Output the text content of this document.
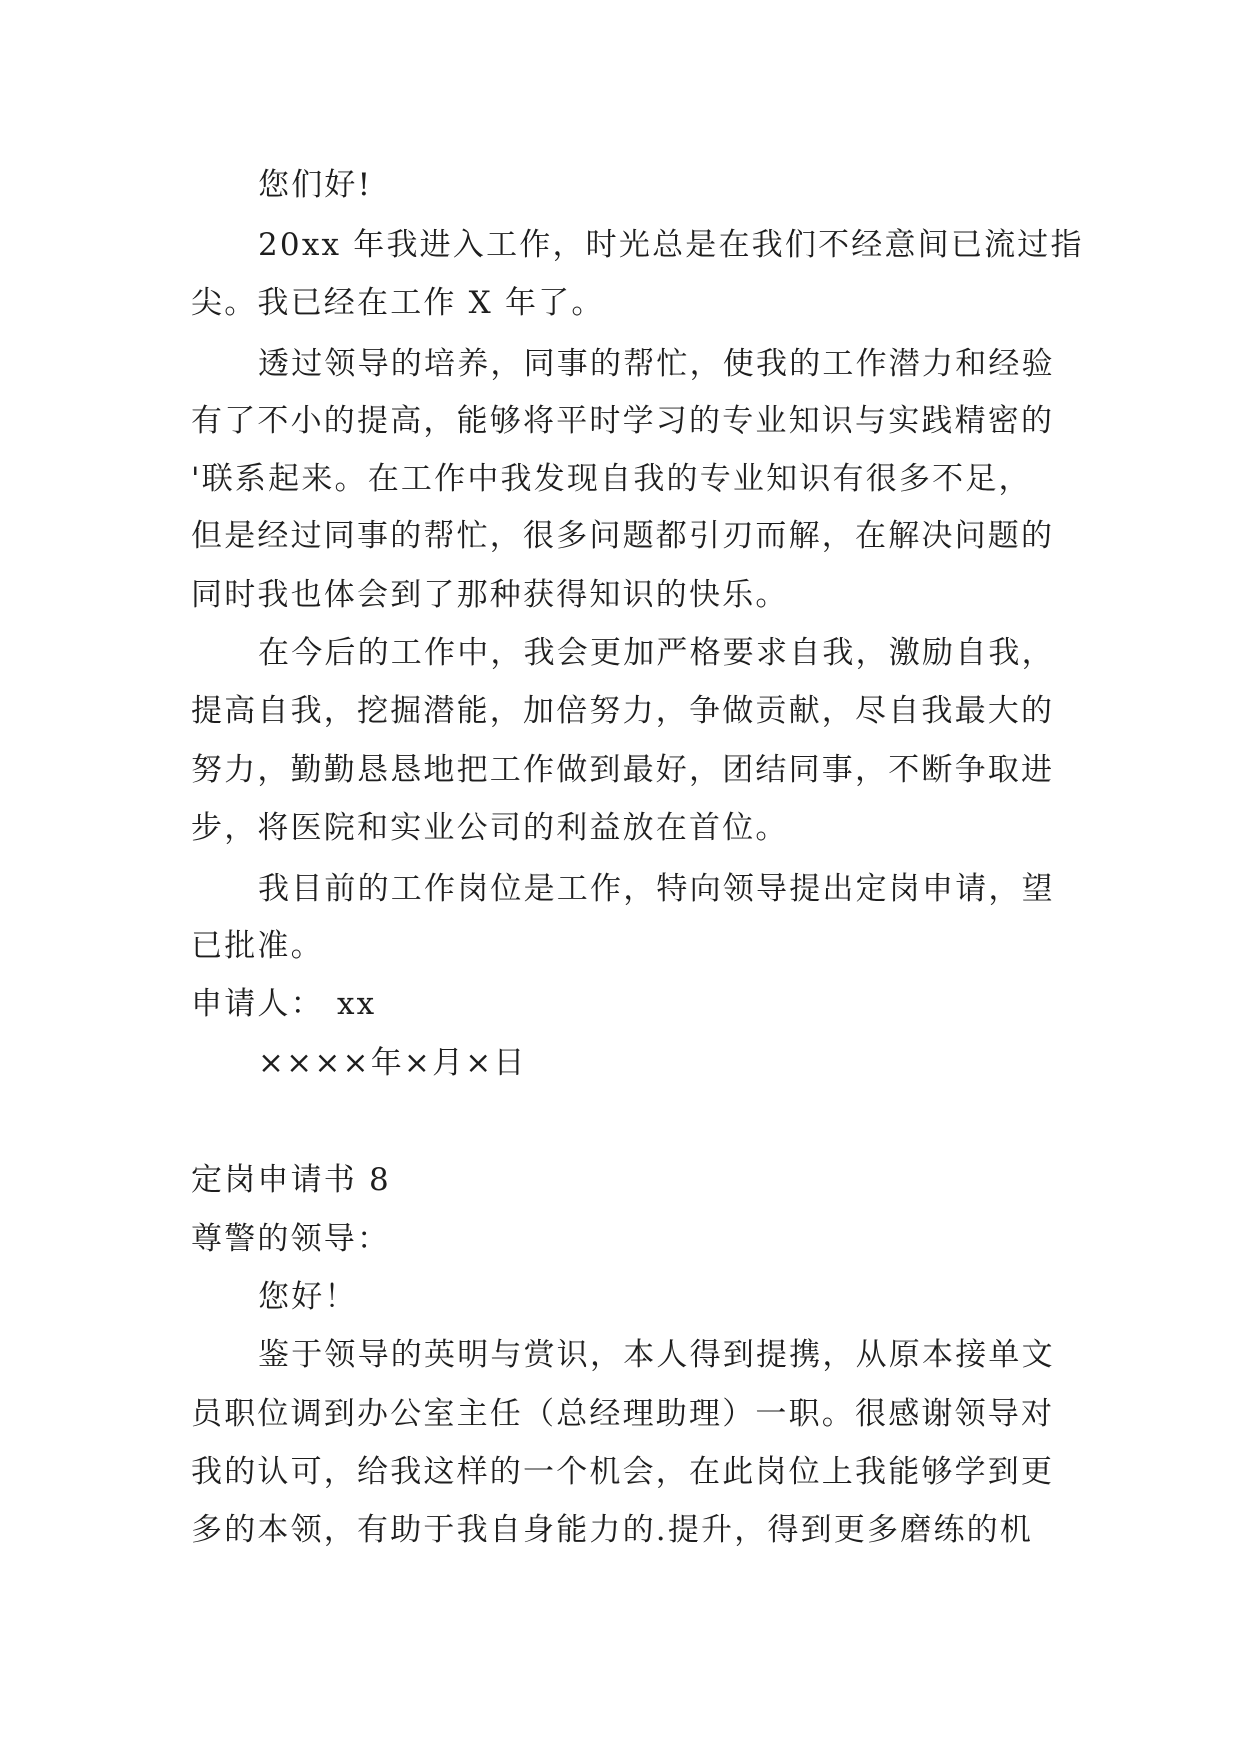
您们好!
20xx 年我进入工作，时光总是在我们不经意间已流过指
尖。我已经在工作 X 年了。
透过领导的培养，同事的帮忙，使我的工作潜力和经验
有了不小的提高，能够将平时学习的专业知识与实践精密的
'联系起来。在工作中我发现自我的专业知识有很多不足，
但是经过同事的帮忙，很多问题都引刃而解，在解决问题的
同时我也体会到了那种获得知识的快乐。
在今后的工作中，我会更加严格要求自我，激励自我，
提高自我，挖掘潜能，加倍努力，争做贡献，尽自我最大的
努力，勤勤恳恳地把工作做到最好，团结同事，不断争取进
步，将医院和实业公司的利益放在首位。
我目前的工作岗位是工作，特向领导提出定岗申请，望
已批准。
申请人： xx
××××年×月×日
定岗申请书 8
尊警的领导：
您好！
鉴于领导的英明与赏识，本人得到提携，从原本接单文
员职位调到办公室主任（总经理助理）一职。很感谢领导对
我的认可，给我这样的一个机会，在此岗位上我能够学到更
多的本领，有助于我自身能力的.提升，得到更多磨练的机
